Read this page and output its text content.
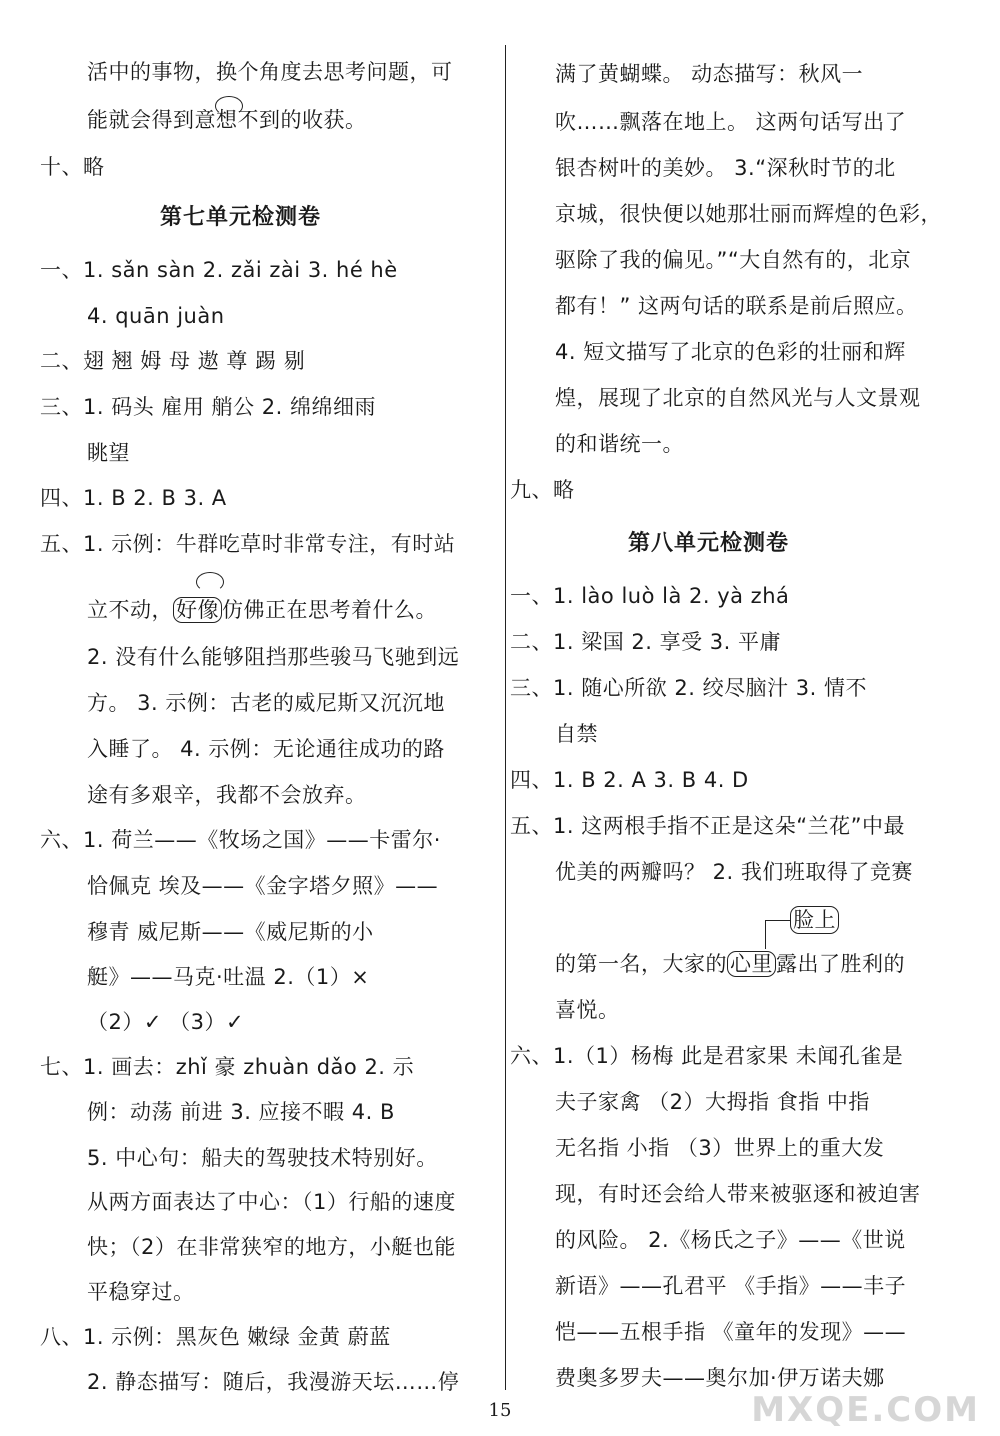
活中的事物，换个角度去思考问题，可
能就会得到意想不到的收获。
十、略
第七单元检测卷
一、1. sǎn sàn 2. zǎi zài 3. hé hè
4. quān juàn
二、翅 翘 姆 母 遨 尊 踢 剔
三、1. 码头 雇用 艄公 2. 绵绵细雨
眺望
四、1. B 2. B 3. A
五、1. 示例：牛群吃草时非常专注，有时站
立不动， 好像 仿佛正在思考着什么。
2. 没有什么能够阻挡那些骏马飞驰到远
方。 3. 示例：古老的威尼斯又沉沉地
入睡了。 4. 示例：无论通往成功的路
途有多艰辛，我都不会放弃。
六、1. 荷兰——《牧场之国》——卡雷尔·
恰佩克 埃及——《金字塔夕照》——
穆青 威尼斯——《威尼斯的小
艇》——马克·吐温 2.（1）×
（2）✓ （3）✓
七、1. 画去：zhǐ 豪 zhuàn dǎo 2. 示
例：动荡 前进 3. 应接不暇 4. B
5. 中心句：船夫的驾驶技术特别好。
从两方面表达了中心：（1）行船的速度
快；（2）在非常狭窄的地方，小艇也能
平稳穿过。
八、1. 示例：黑灰色 嫩绿 金黄 蔚蓝
2. 静态描写：随后，我漫游天坛……停
满了黄蝴蝶。 动态描写：秋风一
吹……飘落在地上。 这两句话写出了
银杏树叶的美妙。 3.“深秋时节的北
京城，很快便以她那壮丽而辉煌的色彩，
驱除了我的偏见。”“大自然有的，北京
都有！” 这两句话的联系是前后照应。
4. 短文描写了北京的色彩的壮丽和辉
煌，展现了北京的自然风光与人文景观
的和谐统一。
九、略
第八单元检测卷
一、1. lào luò là 2. yà zhá
二、1. 梁国 2. 享受 3. 平庸
三、1. 随心所欲 2. 绞尽脑汁 3. 情不
自禁
四、1. B 2. A 3. B 4. D
五、1. 这两根手指不正是这朵“兰花”中最
优美的两瓣吗？ 2. 我们班取得了竞赛
脸上
的第一名，大家的 心里 露出了胜利的
喜悦。
六、1.（1）杨梅 此是君家果 未闻孔雀是
夫子家禽 （2）大拇指 食指 中指
无名指 小指 （3）世界上的重大发
现，有时还会给人带来被驱逐和被迫害
的风险。 2.《杨氏之子》——《世说
新语》——孔君平 《手指》——丰子
恺——五根手指 《童年的发现》——
费奥多罗夫——奥尔加·伊万诺夫娜
MXQE.COM
15
